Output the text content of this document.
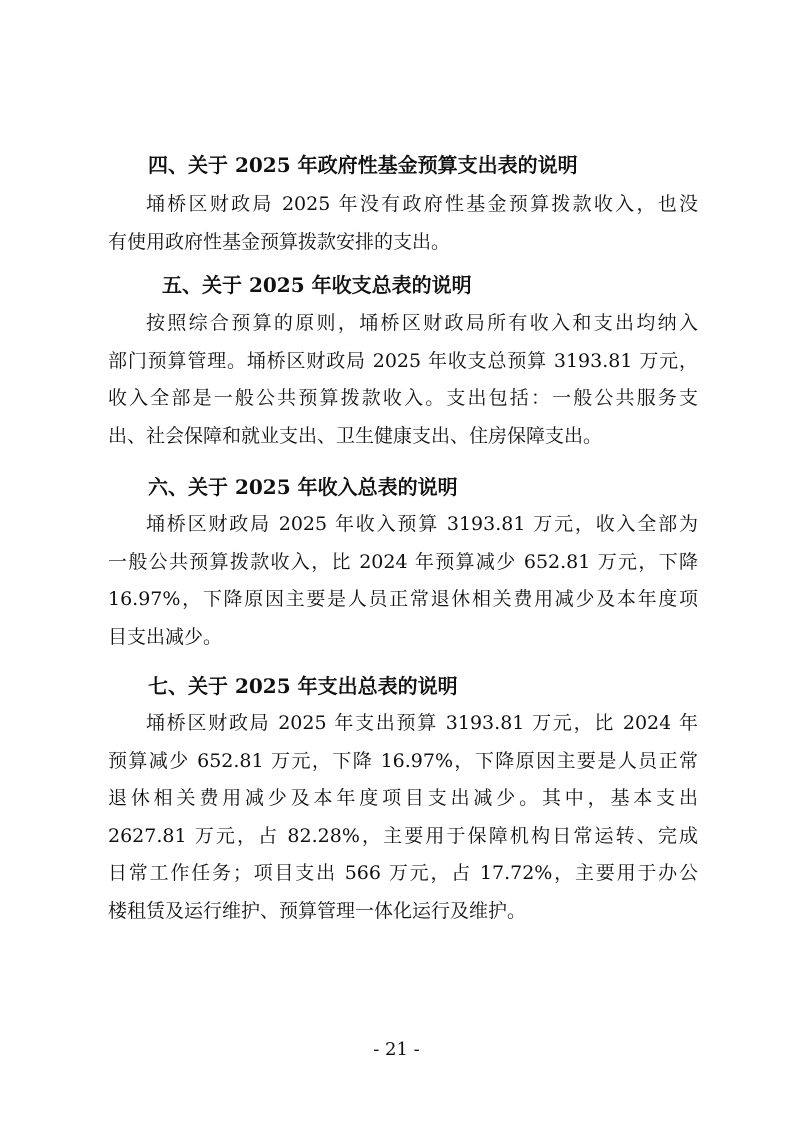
四、关于 2025 年政府性基金预算支出表的说明
埇桥区财政局 2025 年没有政府性基金预算拨款收入，也没
有使用政府性基金预算拨款安排的支出。
五、关于 2025 年收支总表的说明
按照综合预算的原则，埇桥区财政局所有收入和支出均纳入
部门预算管理。埇桥区财政局 2025 年收支总预算 3193.81 万元，
收入全部是一般公共预算拨款收入。支出包括：一般公共服务支
出、社会保障和就业支出、卫生健康支出、住房保障支出。
六、关于 2025 年收入总表的说明
埇桥区财政局 2025 年收入预算 3193.81 万元，收入全部为
一般公共预算拨款收入，比 2024 年预算减少 652.81 万元，下降
16.97%，下降原因主要是人员正常退休相关费用减少及本年度项
目支出减少。
七、关于 2025 年支出总表的说明
埇桥区财政局 2025 年支出预算 3193.81 万元，比 2024 年
预算减少 652.81 万元，下降 16.97%，下降原因主要是人员正常
退休相关费用减少及本年度项目支出减少。其中，基本支出
2627.81 万元，占 82.28%，主要用于保障机构日常运转、完成
日常工作任务；项目支出 566 万元，占 17.72%，主要用于办公
楼租赁及运行维护、预算管理一体化运行及维护。
- 21 -
